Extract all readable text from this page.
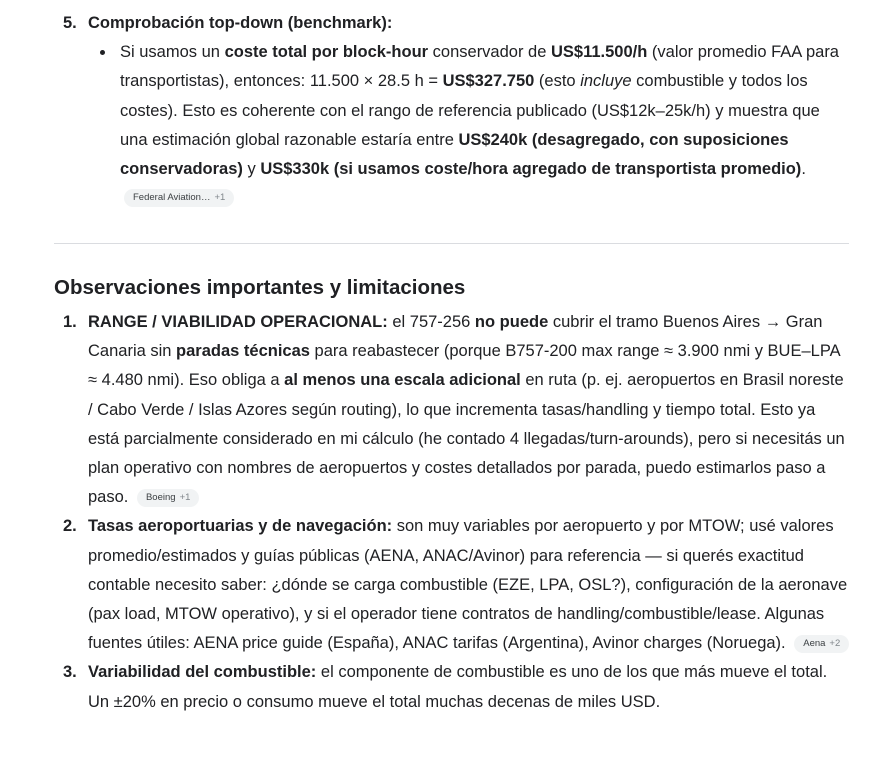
5. Comprobación top-down (benchmark):
Si usamos un coste total por block-hour conservador de US$11.500/h (valor promedio FAA para transportistas), entonces: 11.500 × 28.5 h = US$327.750 (esto incluye combustible y todos los costes). Esto es coherente con el rango de referencia publicado (US$12k–25k/h) y muestra que una estimación global razonable estaría entre US$240k (desagregado, con suposiciones conservadoras) y US$330k (si usamos coste/hora agregado de transportista promedio).
Federal Aviation… +1
Observaciones importantes y limitaciones
1. RANGE / VIABILIDAD OPERACIONAL: el 757-256 no puede cubrir el tramo Buenos Aires → Gran Canaria sin paradas técnicas para reabastecer (porque B757-200 max range ≈ 3.900 nmi y BUE–LPA ≈ 4.480 nmi). Eso obliga a al menos una escala adicional en ruta (p. ej. aeropuertos en Brasil noreste / Cabo Verde / Islas Azores según routing), lo que incrementa tasas/handling y tiempo total. Esto ya está parcialmente considerado en mi cálculo (he contado 4 llegadas/turn-arounds), pero si necesitás un plan operativo con nombres de aeropuertos y costes detallados por parada, puedo estimarlos paso a paso. Boeing +1
2. Tasas aeroportuarias y de navegación: son muy variables por aeropuerto y por MTOW; usé valores promedio/estimados y guías públicas (AENA, ANAC/Avinor) para referencia — si querés exactitud contable necesito saber: ¿dónde se carga combustible (EZE, LPA, OSL?), configuración de la aeronave (pax load, MTOW operativo), y si el operador tiene contratos de handling/combustible/lease. Algunas fuentes útiles: AENA price guide (España), ANAC tarifas (Argentina), Avinor charges (Noruega). Aena +2
3. Variabilidad del combustible: el componente de combustible es uno de los que más mueve el total. Un ±20% en precio o consumo mueve el total muchas decenas de miles USD.
